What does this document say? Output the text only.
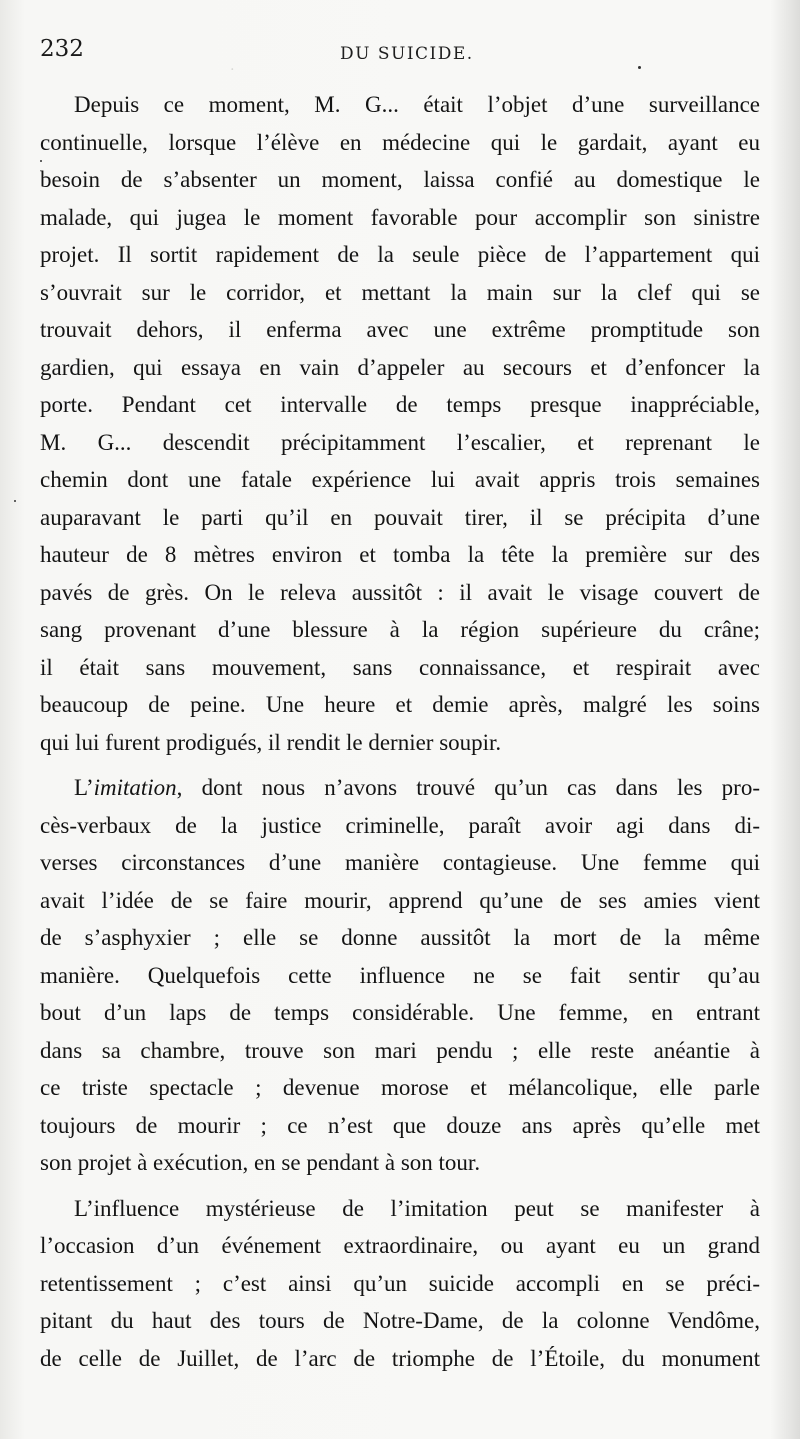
·
232	DU SUICIDE.

Depuis ce moment, M. G... était l’objet d’une surveillance
continuelle, lorsque l’élève en médecine qui le gardait, ayant eu
besoin de s’absenter un moment, laissa confié au domestique le
malade, qui jugea le moment favorable pour accomplir son sinistre
projet. Il sortit rapidement de la seule pièce de l’appartement qui
s’ouvrait sur le corridor, et mettant la main sur la clef qui se
trouvait dehors, il enferma avec une extrême promptitude son
gardien, qui essaya en vain d’appeler au secours et d’enfoncer la
porte. Pendant cet intervalle de temps presque inappréciable,
M. G... descendit précipitamment l’escalier, et reprenant le
chemin dont une fatale expérience lui avait appris trois semaines
auparavant le parti qu’il en pouvait tirer, il se précipita d’une
hauteur de 8 mètres environ et tomba la tête la première sur des
pavés de grès. On le releva aussitôt : il avait le visage couvert de
sang provenant d’une blessure à la région supérieure du crâne;
il était sans mouvement, sans connaissance, et respirait avec
beaucoup de peine. Une heure et demie après, malgré les soins
qui lui furent prodigués, il rendit le dernier soupir.

L’imitation, dont nous n’avons trouvé qu’un cas dans les pro-
cès-verbaux de la justice criminelle, paraît avoir agi dans di-
verses circonstances d’une manière contagieuse. Une femme qui
avait l’idée de se faire mourir, apprend qu’une de ses amies vient
de s’asphyxier ; elle se donne aussitôt la mort de la même
manière. Quelquefois cette influence ne se fait sentir qu’au
bout d’un laps de temps considérable. Une femme, en entrant
dans sa chambre, trouve son mari pendu ; elle reste anéantie à
ce triste spectacle ; devenue morose et mélancolique, elle parle
toujours de mourir ; ce n’est que douze ans après qu’elle met
son projet à exécution, en se pendant à son tour.

L’influence mystérieuse de l’imitation peut se manifester à
l’occasion d’un événement extraordinaire, ou ayant eu un grand
retentissement ; c’est ainsi qu’un suicide accompli en se préci-
pitant du haut des tours de Notre-Dame, de la colonne Vendôme,
de celle de Juillet, de l’arc de triomphe de l’Étoile, du monument
